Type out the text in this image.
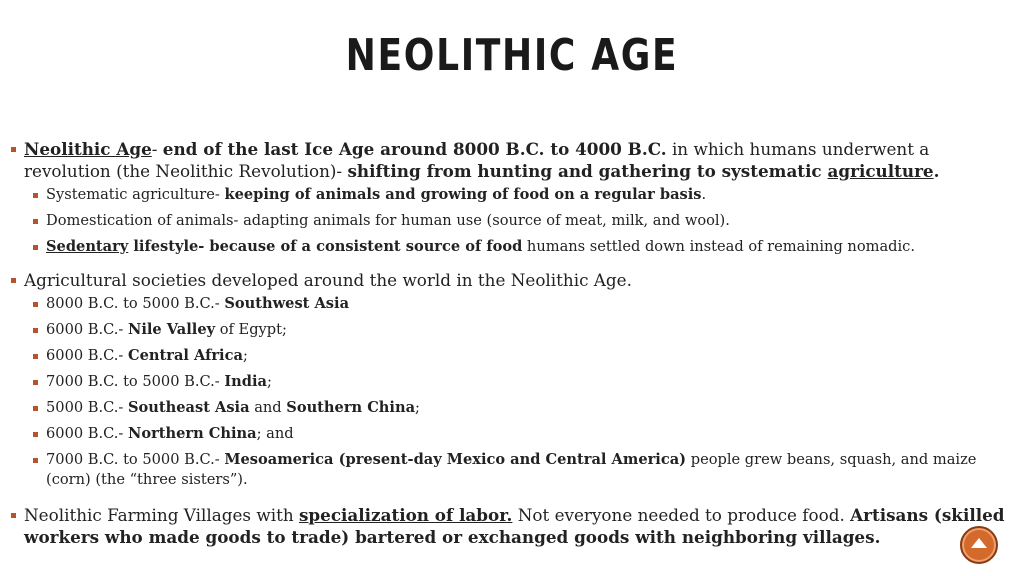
NEOLITHIC AGE
Neolithic Age- end of the last Ice Age around 8000 B.C. to 4000 B.C. in which humans underwent a revolution (the Neolithic Revolution)- shifting from hunting and gathering to systematic agriculture.
Systematic agriculture- keeping of animals and growing of food on a regular basis.
Domestication of animals- adapting animals for human use (source of meat, milk, and wool).
Sedentary lifestyle- because of a consistent source of food humans settled down instead of remaining nomadic.
Agricultural societies developed around the world in the Neolithic Age.
8000 B.C. to 5000 B.C.- Southwest Asia
6000 B.C.- Nile Valley of Egypt;
6000 B.C.- Central Africa;
7000 B.C. to 5000 B.C.- India;
5000 B.C.- Southeast Asia and Southern China;
6000 B.C.- Northern China; and
7000 B.C. to 5000 B.C.- Mesoamerica (present-day Mexico and Central America) people grew beans, squash, and maize (corn) (the “three sisters”).
Neolithic Farming Villages with specialization of labor. Not everyone needed to produce food. Artisans (skilled workers who made goods to trade) bartered or exchanged goods with neighboring villages.
